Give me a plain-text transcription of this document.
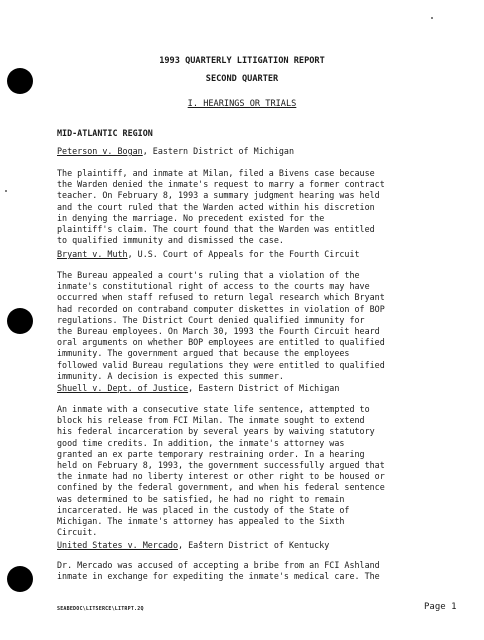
1993 QUARTERLY LITIGATION REPORT
SECOND QUARTER
I. HEARINGS OR TRIALS
MID-ATLANTIC REGION
Peterson v. Bogan, Eastern District of Michigan
The plaintiff, and inmate at Milan, filed a Bivens case because
the Warden denied the inmate's request to marry a former contract
teacher. On February 8, 1993 a summary judgment hearing was held
and the court ruled that the Warden acted within his discretion
in denying the marriage. No precedent existed for the
plaintiff's claim. The court found that the Warden was entitled
to qualified immunity and dismissed the case.
Bryant v. Muth, U.S. Court of Appeals for the Fourth Circuit
The Bureau appealed a court's ruling that a violation of the
inmate's constitutional right of access to the courts may have
occurred when staff refused to return legal research which Bryant
had recorded on contraband computer diskettes in violation of BOP
regulations. The District Court denied qualified immunity for
the Bureau employees. On March 30, 1993 the Fourth Circuit heard
oral arguments on whether BOP employees are entitled to qualified
immunity. The government argued that because the employees
followed valid Bureau regulations they were entitled to qualified
immunity. A decision is expected this summer.
Shuell v. Dept. of Justice, Eastern District of Michigan
An inmate with a consecutive state life sentence, attempted to
block his release from FCI Milan. The inmate sought to extend
his federal incarceration by several years by waiving statutory
good time credits. In addition, the inmate's attorney was
granted an ex parte temporary restraining order. In a hearing
held on February 8, 1993, the government successfully argued that
the inmate had no liberty interest or other right to be housed or
confined by the federal government, and when his federal sentence
was determined to be satisfied, he had no right to remain
incarcerated. He was placed in the custody of the State of
Michigan. The inmate's attorney has appealed to the Sixth
Circuit.
United States v. Mercado, Eastern District of Kentucky
Dr. Mercado was accused of accepting a bribe from an FCI Ashland
inmate in exchange for expediting the inmate's medical care. The
SEABEDOC\LITSERCE\LITRPT.2Q	Page 1
